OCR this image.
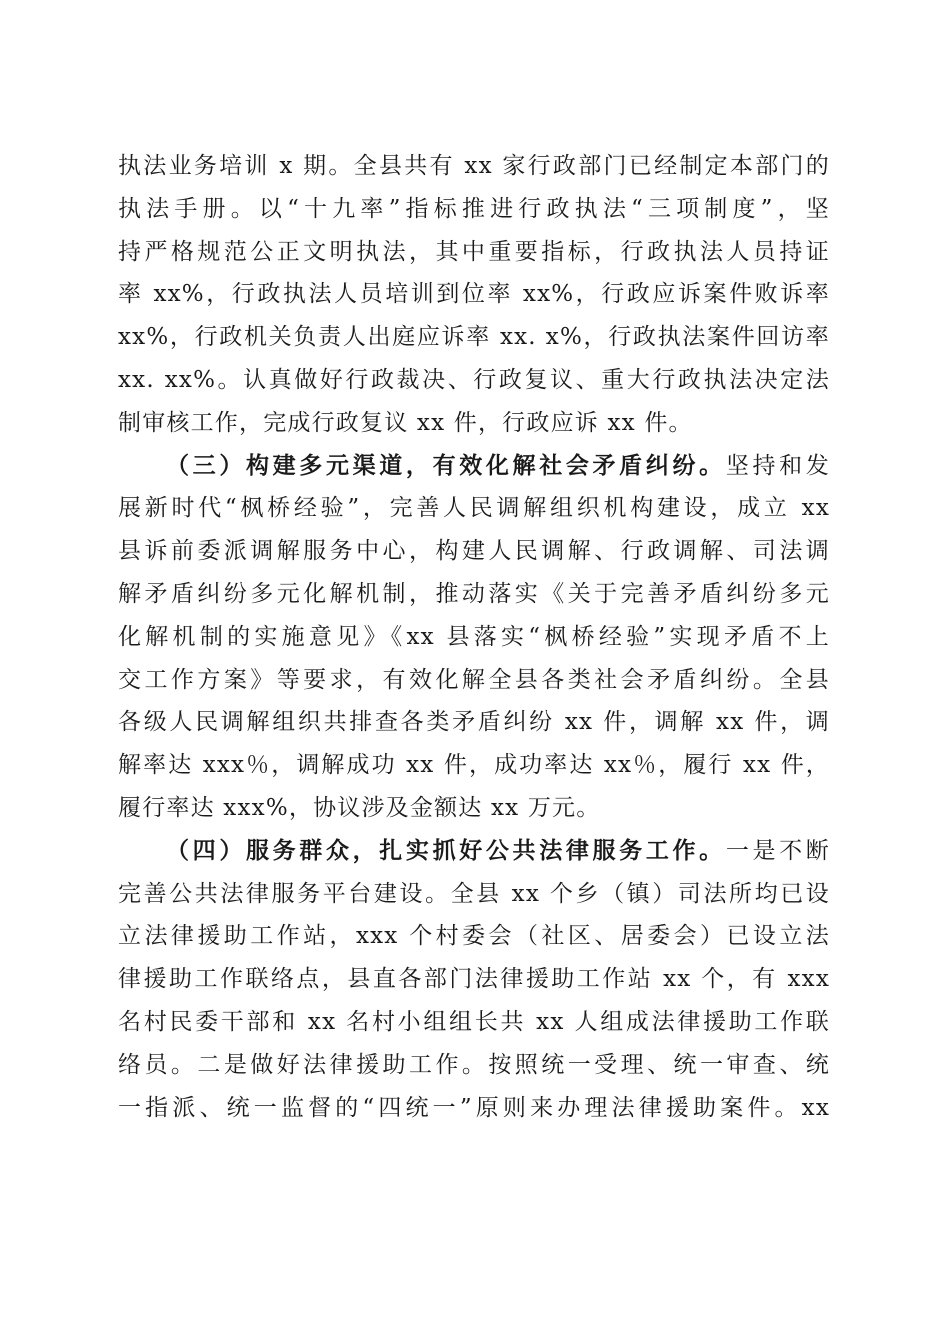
执法业务培训 x 期。全县共有 xx 家行政部门已经制定本部门的
执法手册。以“十九率”指标推进行政执法“三项制度”，坚
持严格规范公正文明执法，其中重要指标，行政执法人员持证
率 xx%，行政执法人员培训到位率 xx%，行政应诉案件败诉率
xx%，行政机关负责人出庭应诉率 xx. x%，行政执法案件回访率
xx. xx%。认真做好行政裁决、行政复议、重大行政执法决定法
制审核工作，完成行政复议 xx 件，行政应诉 xx 件。
（三）构建多元渠道，有效化解社会矛盾纠纷。坚持和发
展新时代“枫桥经验”，完善人民调解组织机构建设，成立 xx
县诉前委派调解服务中心，构建人民调解、行政调解、司法调
解矛盾纠纷多元化解机制，推动落实《关于完善矛盾纠纷多元
化解机制的实施意见》《xx 县落实“枫桥经验”实现矛盾不上
交工作方案》等要求，有效化解全县各类社会矛盾纠纷。全县
各级人民调解组织共排查各类矛盾纠纷 xx 件，调解 xx 件，调
解率达 xxx％，调解成功 xx 件，成功率达 xx％，履行 xx 件，
履行率达 xxx%，协议涉及金额达 xx 万元。
（四）服务群众，扎实抓好公共法律服务工作。一是不断
完善公共法律服务平台建设。全县 xx 个乡（镇）司法所均已设
立法律援助工作站，xxx 个村委会（社区、居委会）已设立法
律援助工作联络点，县直各部门法律援助工作站 xx 个，有 xxx
名村民委干部和 xx 名村小组组长共 xx 人组成法律援助工作联
络员。二是做好法律援助工作。按照统一受理、统一审查、统
一指派、统一监督的“四统一”原则来办理法律援助案件。xx
